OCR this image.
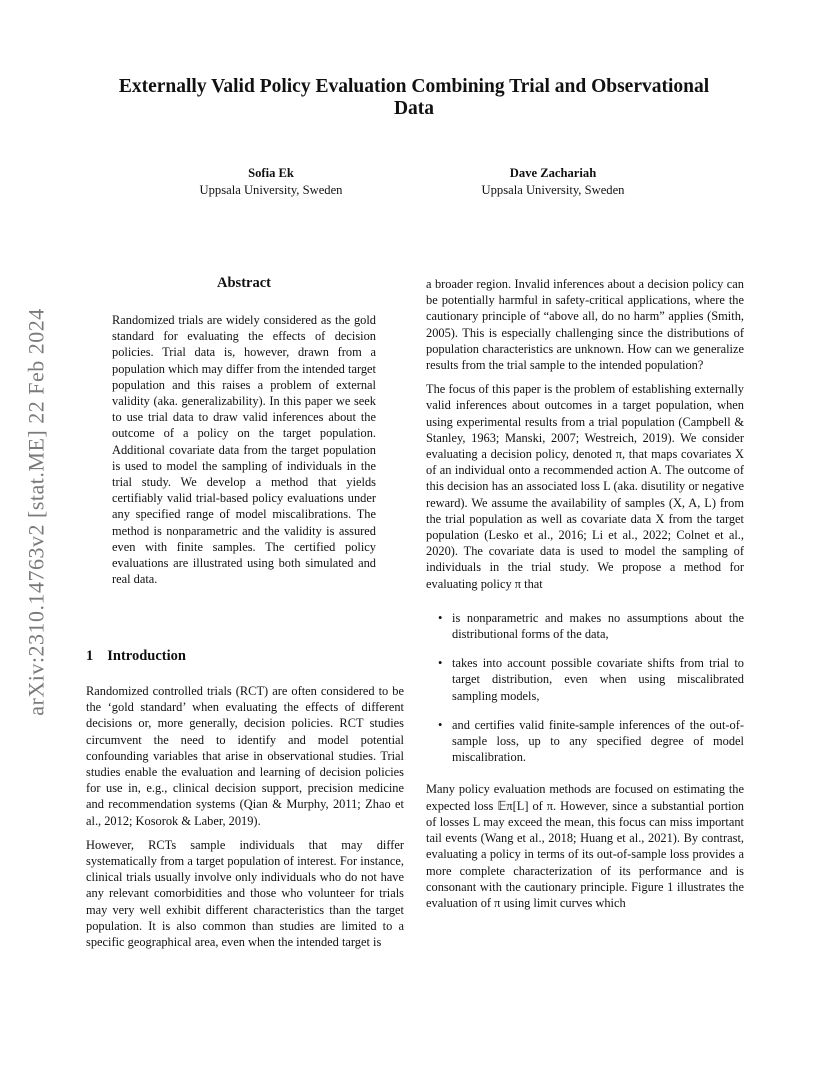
arXiv:2310.14763v2 [stat.ME] 22 Feb 2024
Externally Valid Policy Evaluation Combining Trial and Observational Data
Sofia Ek
Uppsala University, Sweden
Dave Zachariah
Uppsala University, Sweden
Abstract

Randomized trials are widely considered as the gold standard for evaluating the effects of decision policies. Trial data is, however, drawn from a population which may differ from the intended target population and this raises a problem of external validity (aka. generalizability). In this paper we seek to use trial data to draw valid inferences about the outcome of a policy on the target population. Additional covariate data from the target population is used to model the sampling of individuals in the trial study. We develop a method that yields certifiably valid trial-based policy evaluations under any specified range of model miscalibrations. The method is nonparametric and the validity is assured even with finite samples. The certified policy evaluations are illustrated using both simulated and real data.

1 Introduction

Randomized controlled trials (RCT) are often considered to be the ‘gold standard’ when evaluating the effects of different decisions or, more generally, decision policies. RCT studies circumvent the need to identify and model potential confounding variables that arise in observational studies. Trial studies enable the evaluation and learning of decision policies for use in, e.g., clinical decision support, precision medicine and recommendation systems (Qian & Murphy, 2011; Zhao et al., 2012; Kosorok & Laber, 2019).

However, RCTs sample individuals that may differ systematically from a target population of interest. For instance, clinical trials usually involve only individuals who do not have any relevant comorbidities and those who volunteer for trials may very well exhibit different characteristics than the target population. It is also common than studies are limited to a specific geographical area, even when the intended target is

a broader region. Invalid inferences about a decision policy can be potentially harmful in safety-critical applications, where the cautionary principle of “above all, do no harm” applies (Smith, 2005). This is especially challenging since the distributions of population characteristics are unknown. How can we generalize results from the trial sample to the intended population?

The focus of this paper is the problem of establishing externally valid inferences about outcomes in a target population, when using experimental results from a trial population (Campbell & Stanley, 1963; Manski, 2007; Westreich, 2019). We consider evaluating a decision policy, denoted π, that maps covariates X of an individual onto a recommended action A. The outcome of this decision has an associated loss L (aka. disutility or negative reward). We assume the availability of samples (X, A, L) from the trial population as well as covariate data X from the target population (Lesko et al., 2016; Li et al., 2022; Colnet et al., 2020). The covariate data is used to model the sampling of individuals in the trial study. We propose a method for evaluating policy π that

• is nonparametric and makes no assumptions about the distributional forms of the data,
• takes into account possible covariate shifts from trial to target distribution, even when using miscalibrated sampling models,
• and certifies valid finite-sample inferences of the out-of-sample loss, up to any specified degree of model miscalibration.

Many policy evaluation methods are focused on estimating the expected loss 𝔼π[L] of π. However, since a substantial portion of losses L may exceed the mean, this focus can miss important tail events (Wang et al., 2018; Huang et al., 2021). By contrast, evaluating a policy in terms of its out-of-sample loss provides a more complete characterization of its performance and is consonant with the cautionary principle. Figure 1 illustrates the evaluation of π using limit curves which
